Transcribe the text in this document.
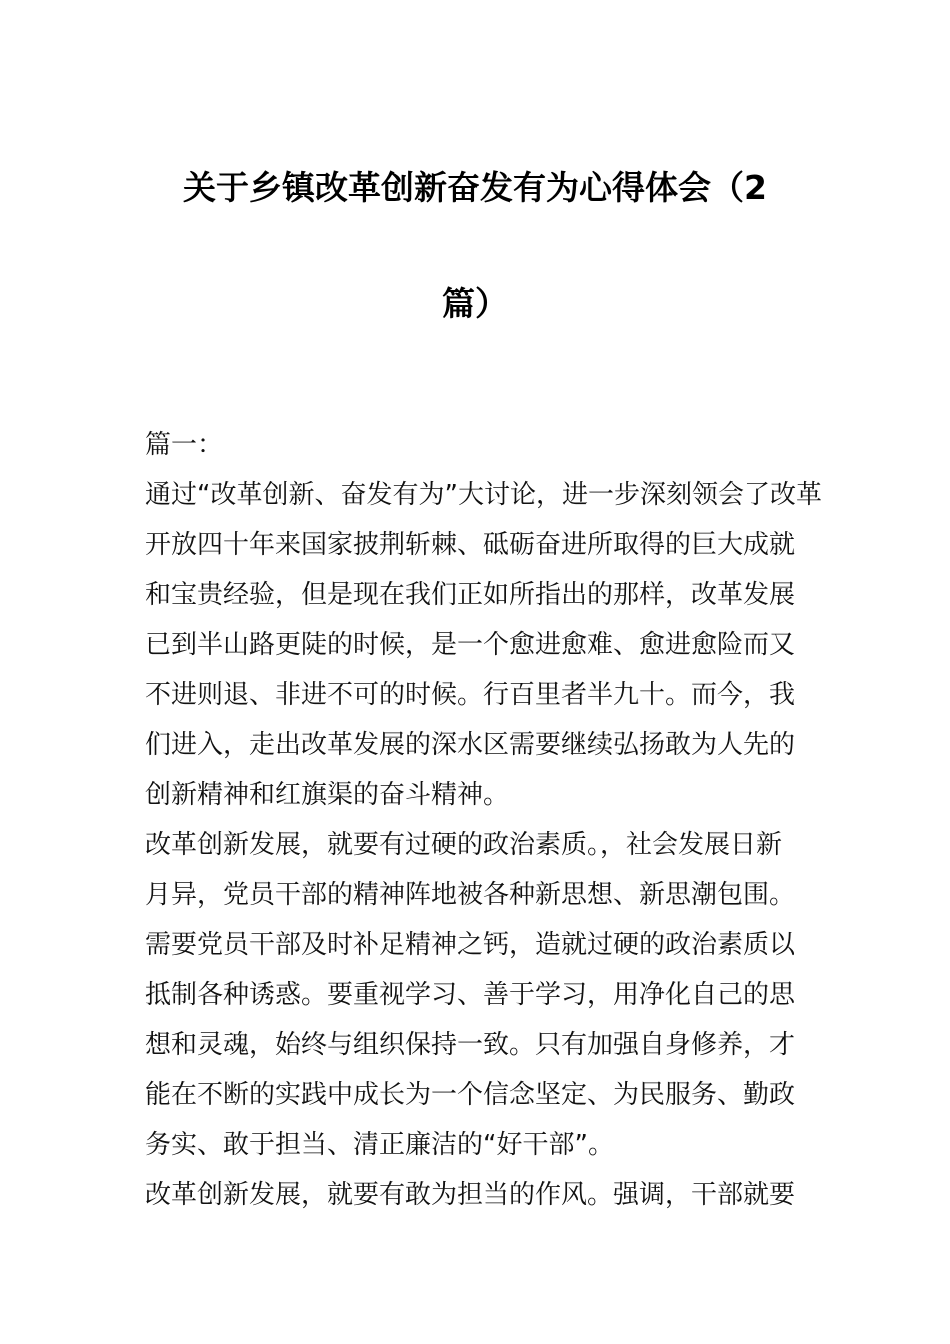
关于乡镇改革创新奋发有为心得体会（2
篇）
篇一：
通过“改革创新、奋发有为”大讨论，进一步深刻领会了改革
开放四十年来国家披荆斩棘、砥砺奋进所取得的巨大成就
和宝贵经验，但是现在我们正如所指出的那样，改革发展
已到半山路更陡的时候，是一个愈进愈难、愈进愈险而又
不进则退、非进不可的时候。行百里者半九十。而今，我
们进入，走出改革发展的深水区需要继续弘扬敢为人先的
创新精神和红旗渠的奋斗精神。
改革创新发展，就要有过硬的政治素质。，社会发展日新
月异，党员干部的精神阵地被各种新思想、新思潮包围。
需要党员干部及时补足精神之钙，造就过硬的政治素质以
抵制各种诱惑。要重视学习、善于学习，用净化自己的思
想和灵魂，始终与组织保持一致。只有加强自身修养，才
能在不断的实践中成长为一个信念坚定、为民服务、勤政
务实、敢于担当、清正廉洁的“好干部”。
改革创新发展，就要有敢为担当的作风。强调，干部就要
